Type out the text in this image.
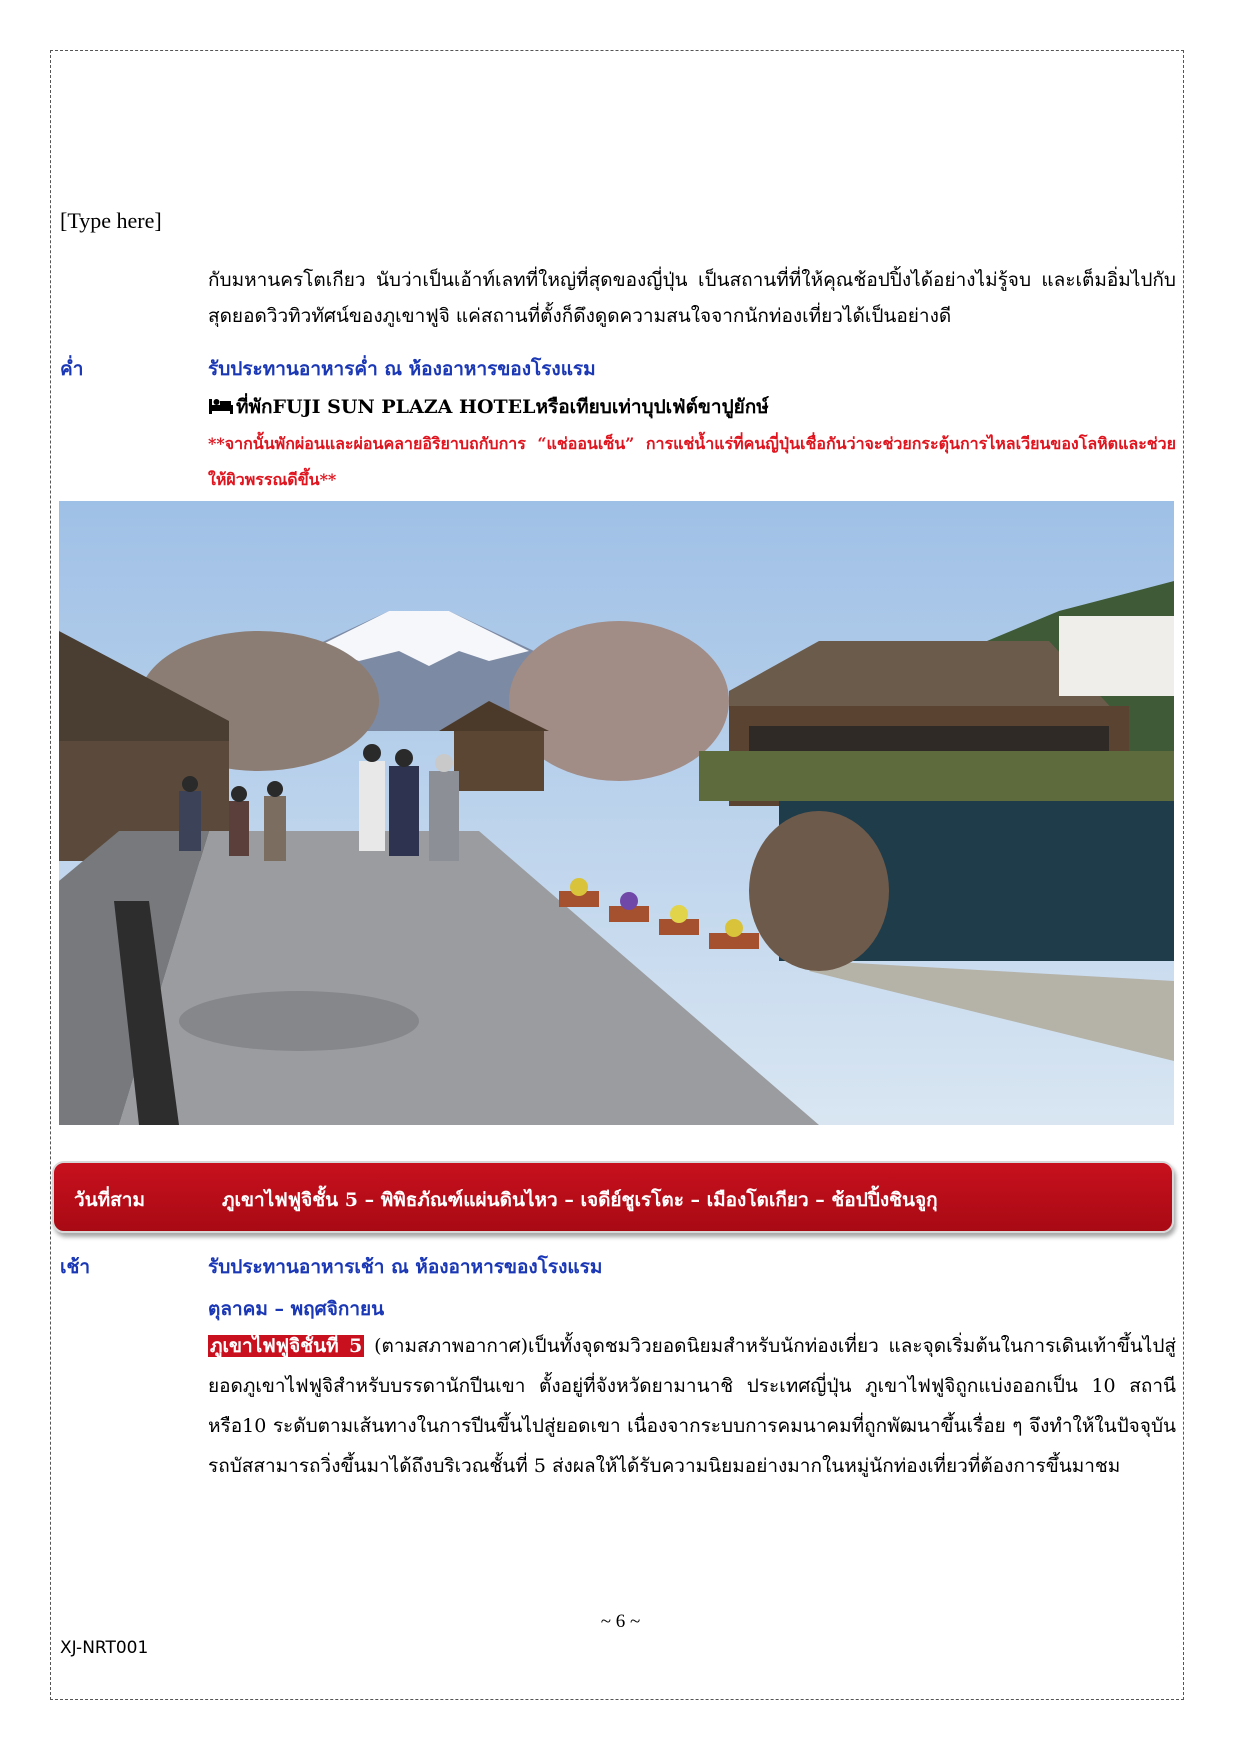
[Type here]
กับมหานครโตเกียว นับว่าเป็นเอ้าท์เลทที่ใหญ่ที่สุดของญี่ปุ่น เป็นสถานที่ที่ให้คุณช้อปปิ้งได้อย่างไม่รู้จบ และเต็มอิ่มไปกับสุดยอดวิวทิวทัศน์ของภูเขาฟูจิ แค่สถานที่ตั้งก็ดึงดูดความสนใจจากนักท่องเที่ยวได้เป็นอย่างดี
ค่ำ	รับประทานอาหารค่ำ ณ ห้องอาหารของโรงแรม
ที่พักFUJI SUN PLAZA HOTELหรือเทียบเท่าบุปเฟ่ต์ขาปูยักษ์
**จากนั้นพักผ่อนและผ่อนคลายอิริยาบถกับการ “แช่ออนเซ็น” การแช่น้ำแร่ที่คนญี่ปุ่นเชื่อกันว่าจะช่วยกระตุ้นการไหลเวียนของโลหิตและช่วยให้ผิวพรรณดีขึ้น**
วันที่สาม	ภูเขาไฟฟูจิชั้น 5 – พิพิธภัณฑ์แผ่นดินไหว – เจดีย์ชูเรโตะ – เมืองโตเกียว – ช้อปปิ้งชินจูกุ
เช้า	รับประทานอาหารเช้า ณ ห้องอาหารของโรงแรม
ตุลาคม – พฤศจิกายน
ภูเขาไฟฟูจิชั้นที่ 5 (ตามสภาพอากาศ)เป็นทั้งจุดชมวิวยอดนิยมสำหรับนักท่องเที่ยว และจุดเริ่มต้นในการเดินเท้าขึ้นไปสู่ยอดภูเขาไฟฟูจิสำหรับบรรดานักปีนเขา ตั้งอยู่ที่จังหวัดยามานาชิ ประเทศญี่ปุ่น ภูเขาไฟฟูจิถูกแบ่งออกเป็น 10 สถานี หรือ10 ระดับตามเส้นทางในการปีนขึ้นไปสู่ยอดเขา เนื่องจากระบบการคมนาคมที่ถูกพัฒนาขึ้นเรื่อย ๆ จึงทำให้ในปัจจุบันรถบัสสามารถวิ่งขึ้นมาได้ถึงบริเวณชั้นที่ 5 ส่งผลให้ได้รับความนิยมอย่างมากในหมู่นักท่องเที่ยวที่ต้องการขึ้นมาชม
~ 6 ~
XJ-NRT001
